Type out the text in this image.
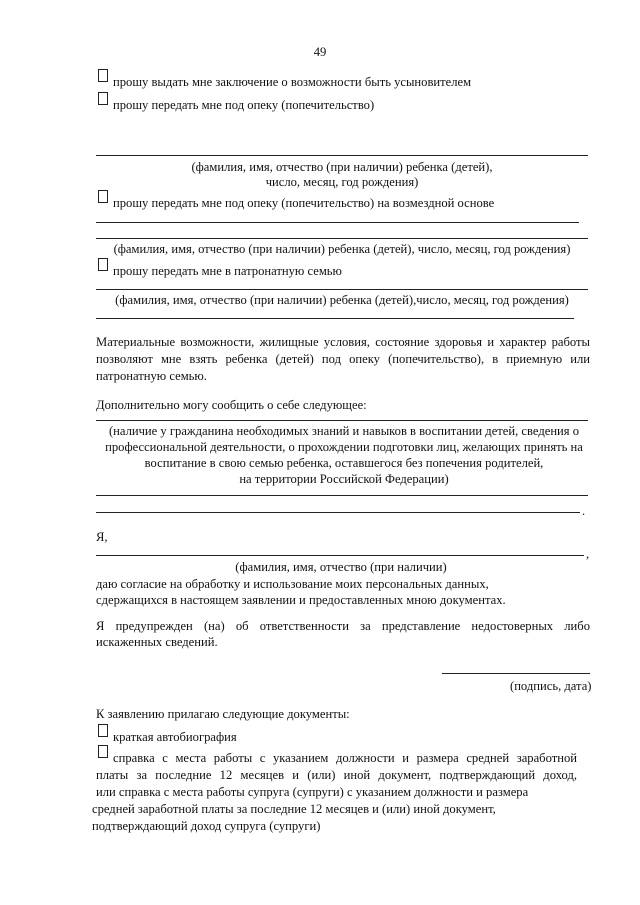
49
прошу выдать мне заключение о возможности быть усыновителем
прошу передать мне под опеку (попечительство)
(фамилия, имя, отчество (при наличии) ребенка (детей),
число, месяц, год рождения)
прошу передать мне под опеку (попечительство) на возмездной основе
(фамилия, имя, отчество (при наличии) ребенка (детей), число, месяц, год рождения)
прошу передать мне в патронатную семью
(фамилия, имя, отчество (при наличии) ребенка (детей),число, месяц, год рождения)
Материальные возможности, жилищные условия, состояние здоровья и характер работы
позволяют мне взять ребенка (детей) под опеку (попечительство), в приемную или
патронатную семью.
Дополнительно могу сообщить о себе следующее:
(наличие у гражданина необходимых знаний и навыков в воспитании детей, сведения о
профессиональной деятельности, о прохождении подготовки лиц, желающих принять на
воспитание в свою семью ребенка, оставшегося без попечения родителей,
на территории Российской Федерации)
.
Я,
,
(фамилия, имя, отчество (при наличии)
даю согласие на обработку и использование моих персональных данных,
сдержащихся в настоящем заявлении и предоставленных мною документах.
Я предупрежден (на) об ответственности за представление недостоверных либо
искаженных сведений.
(подпись, дата)
К заявлению прилагаю следующие документы:
краткая автобиография
справка с места работы с указанием должности и размера средней заработной
платы за последние 12 месяцев и (или) иной документ, подтверждающий доход,
или справка с места работы супруга (супруги) с указанием должности и размера
средней заработной платы за последние 12 месяцев и (или) иной документ,
подтверждающий доход супруга (супруги)
